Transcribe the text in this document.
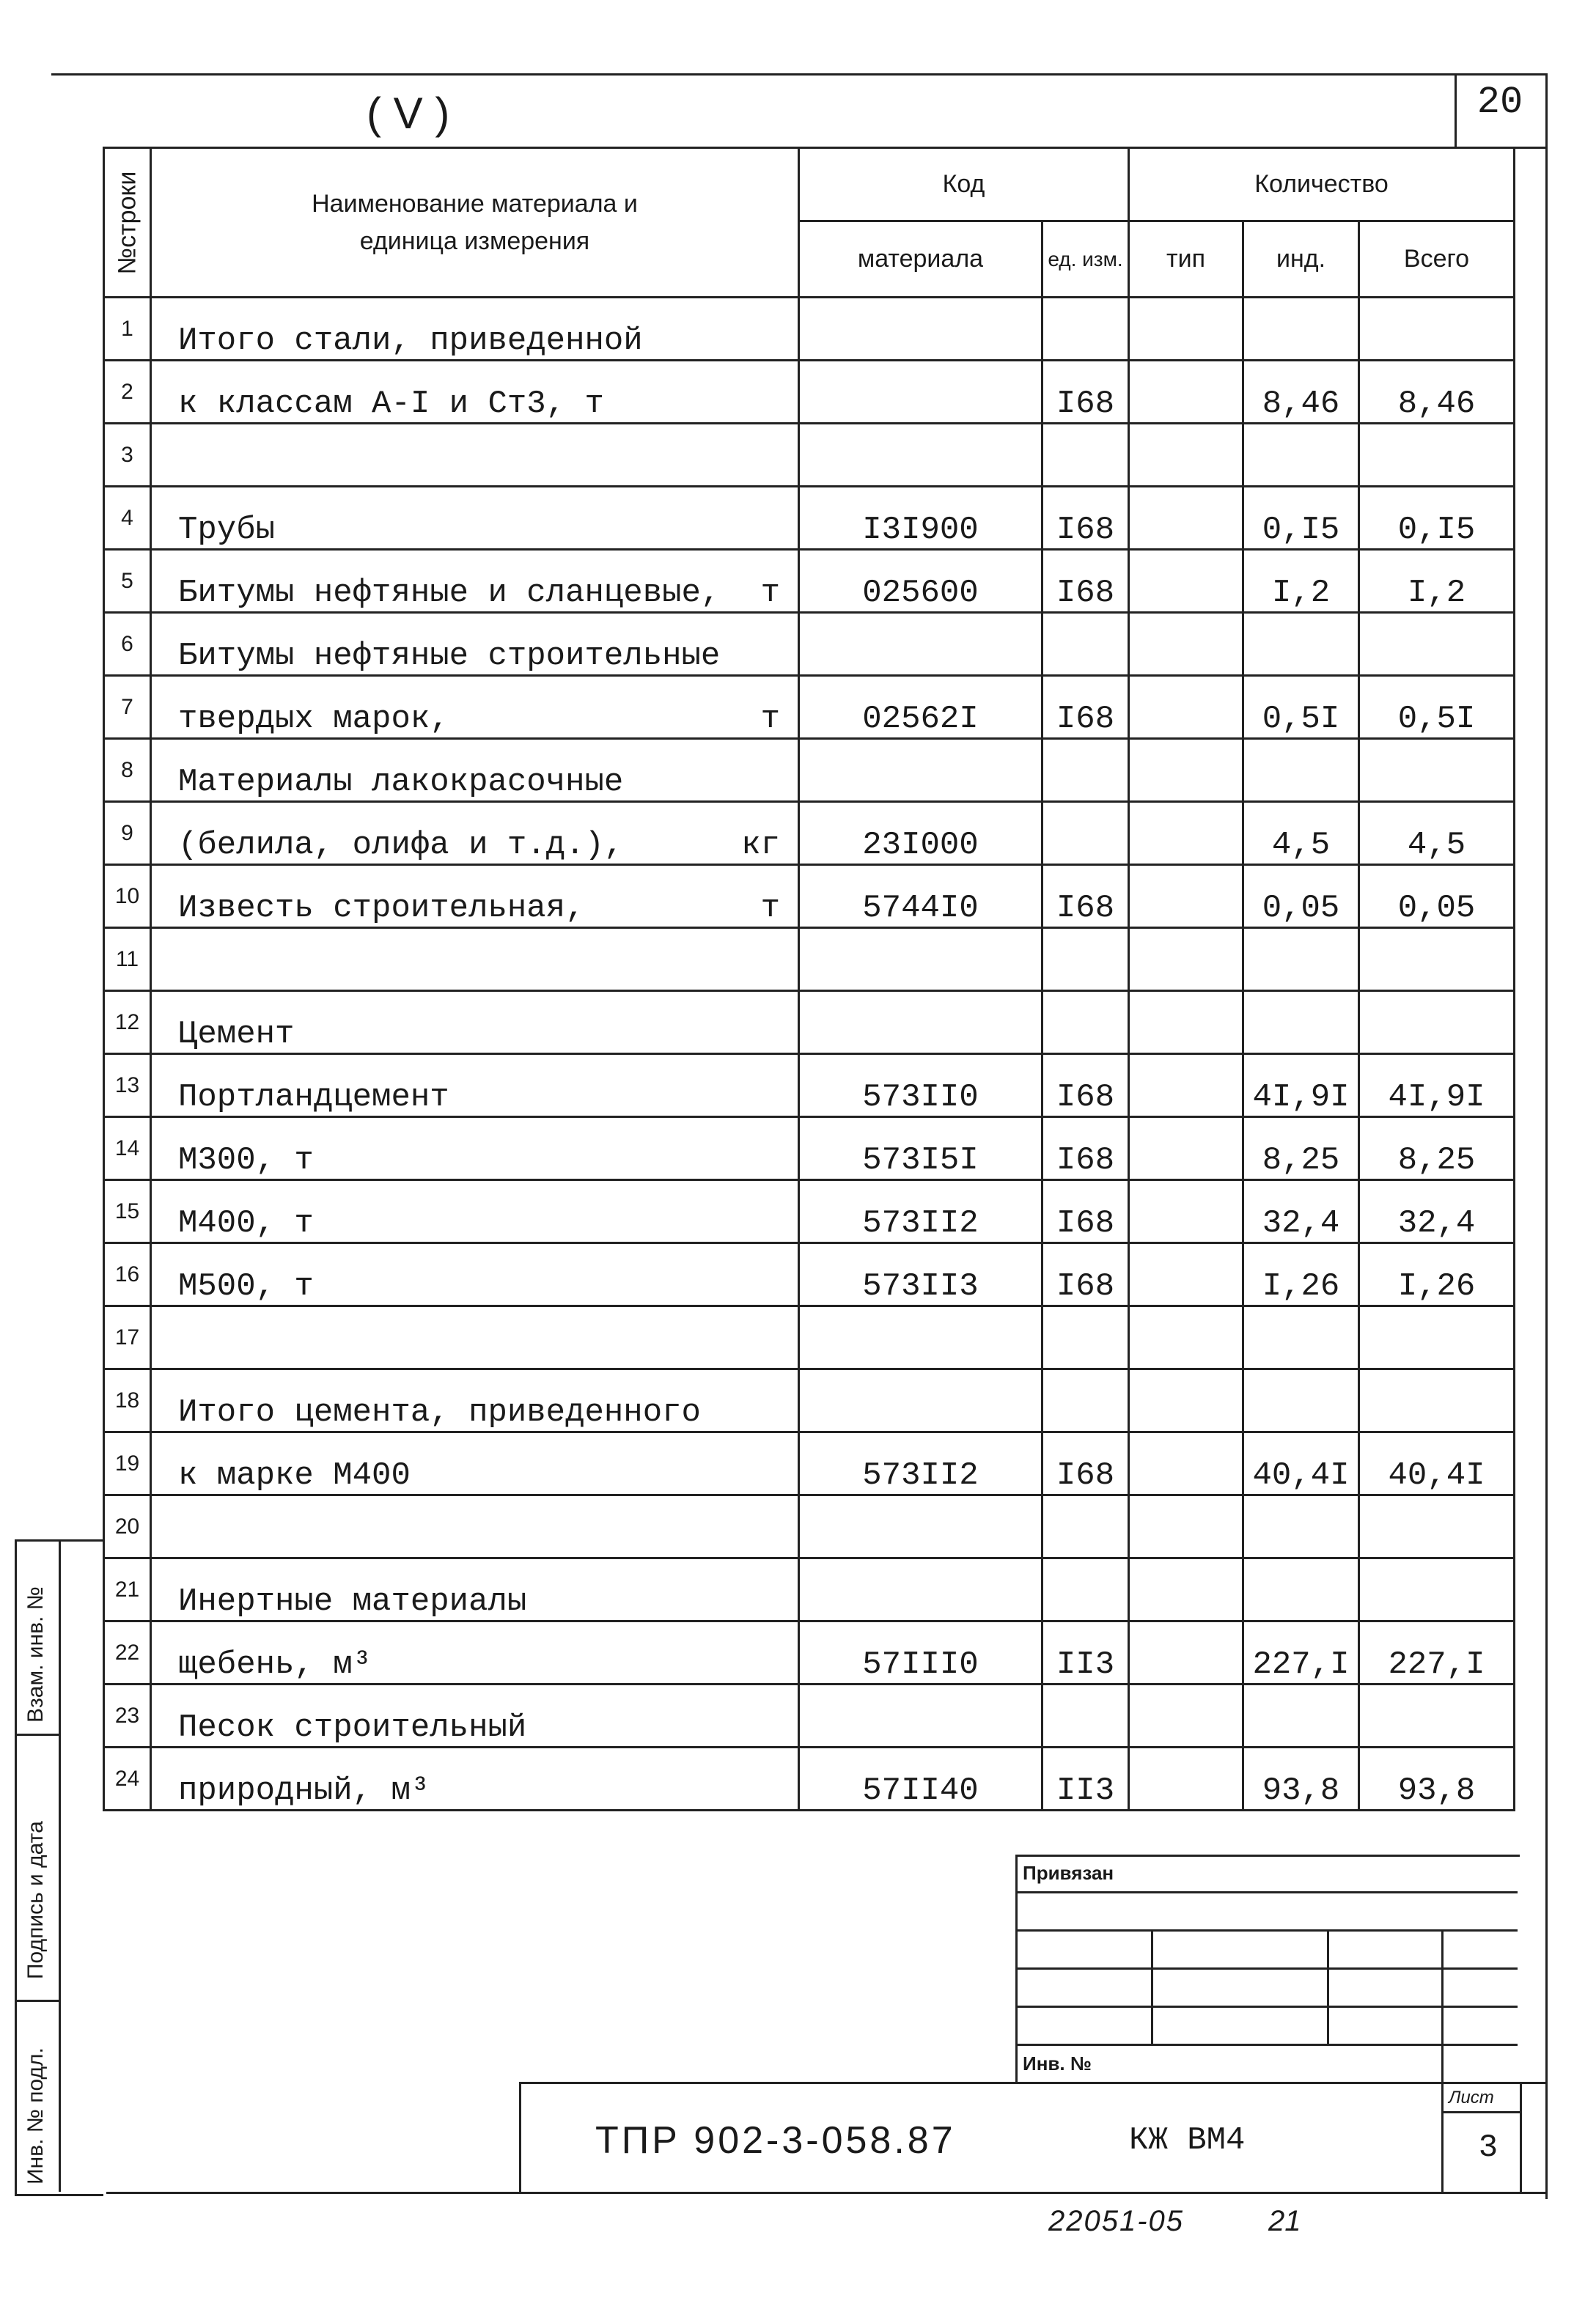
20
( V )
№строки	Наименование материала и единица измерения	Код		Количество		
		материала	ед. изм.	тип	инд.	Всего
1	Итого стали, приведенной

2	к классам А-I и Ст3, т		I68		8,46	8,46
3	

4	Трубы	I3I900	I68		0,I5	0,I5
5	Битумы нефтяные и сланцевые, т	025600	I68		I,2	I,2
6	Битумы нефтяные строительные

7	твердых марок, т	02562I	I68		0,5I	0,5I
8	Материалы лакокрасочные

9	(белила, олифа и т.д.), кг	23I000			4,5	4,5
10	Известь строительная, т	5744I0	I68		0,05	0,05
11	

12	Цемент

13	Портландцемент	573II0	I68		4I,9I	4I,9I
14	М300, т	573I5I	I68		8,25	8,25
15	М400, т	573II2	I68		32,4	32,4
16	М500, т	573II3	I68		I,26	I,26
17	

18	Итого цемента, приведенного

19	к марке М400	573II2	I68		40,4I	40,4I
20	

21	Инертные материалы

22	щебень, м³	57III0	II3		227,I	227,I
23	Песок строительный

24	природный, м³	57II40	II3		93,8	93,8
Взам. инв. №
Подпись и дата
Инв. № подл.
Привязан
Инв. №
ТПР 902-3-058.87	КЖ ВМ4
Лист
3
22051-05	21
